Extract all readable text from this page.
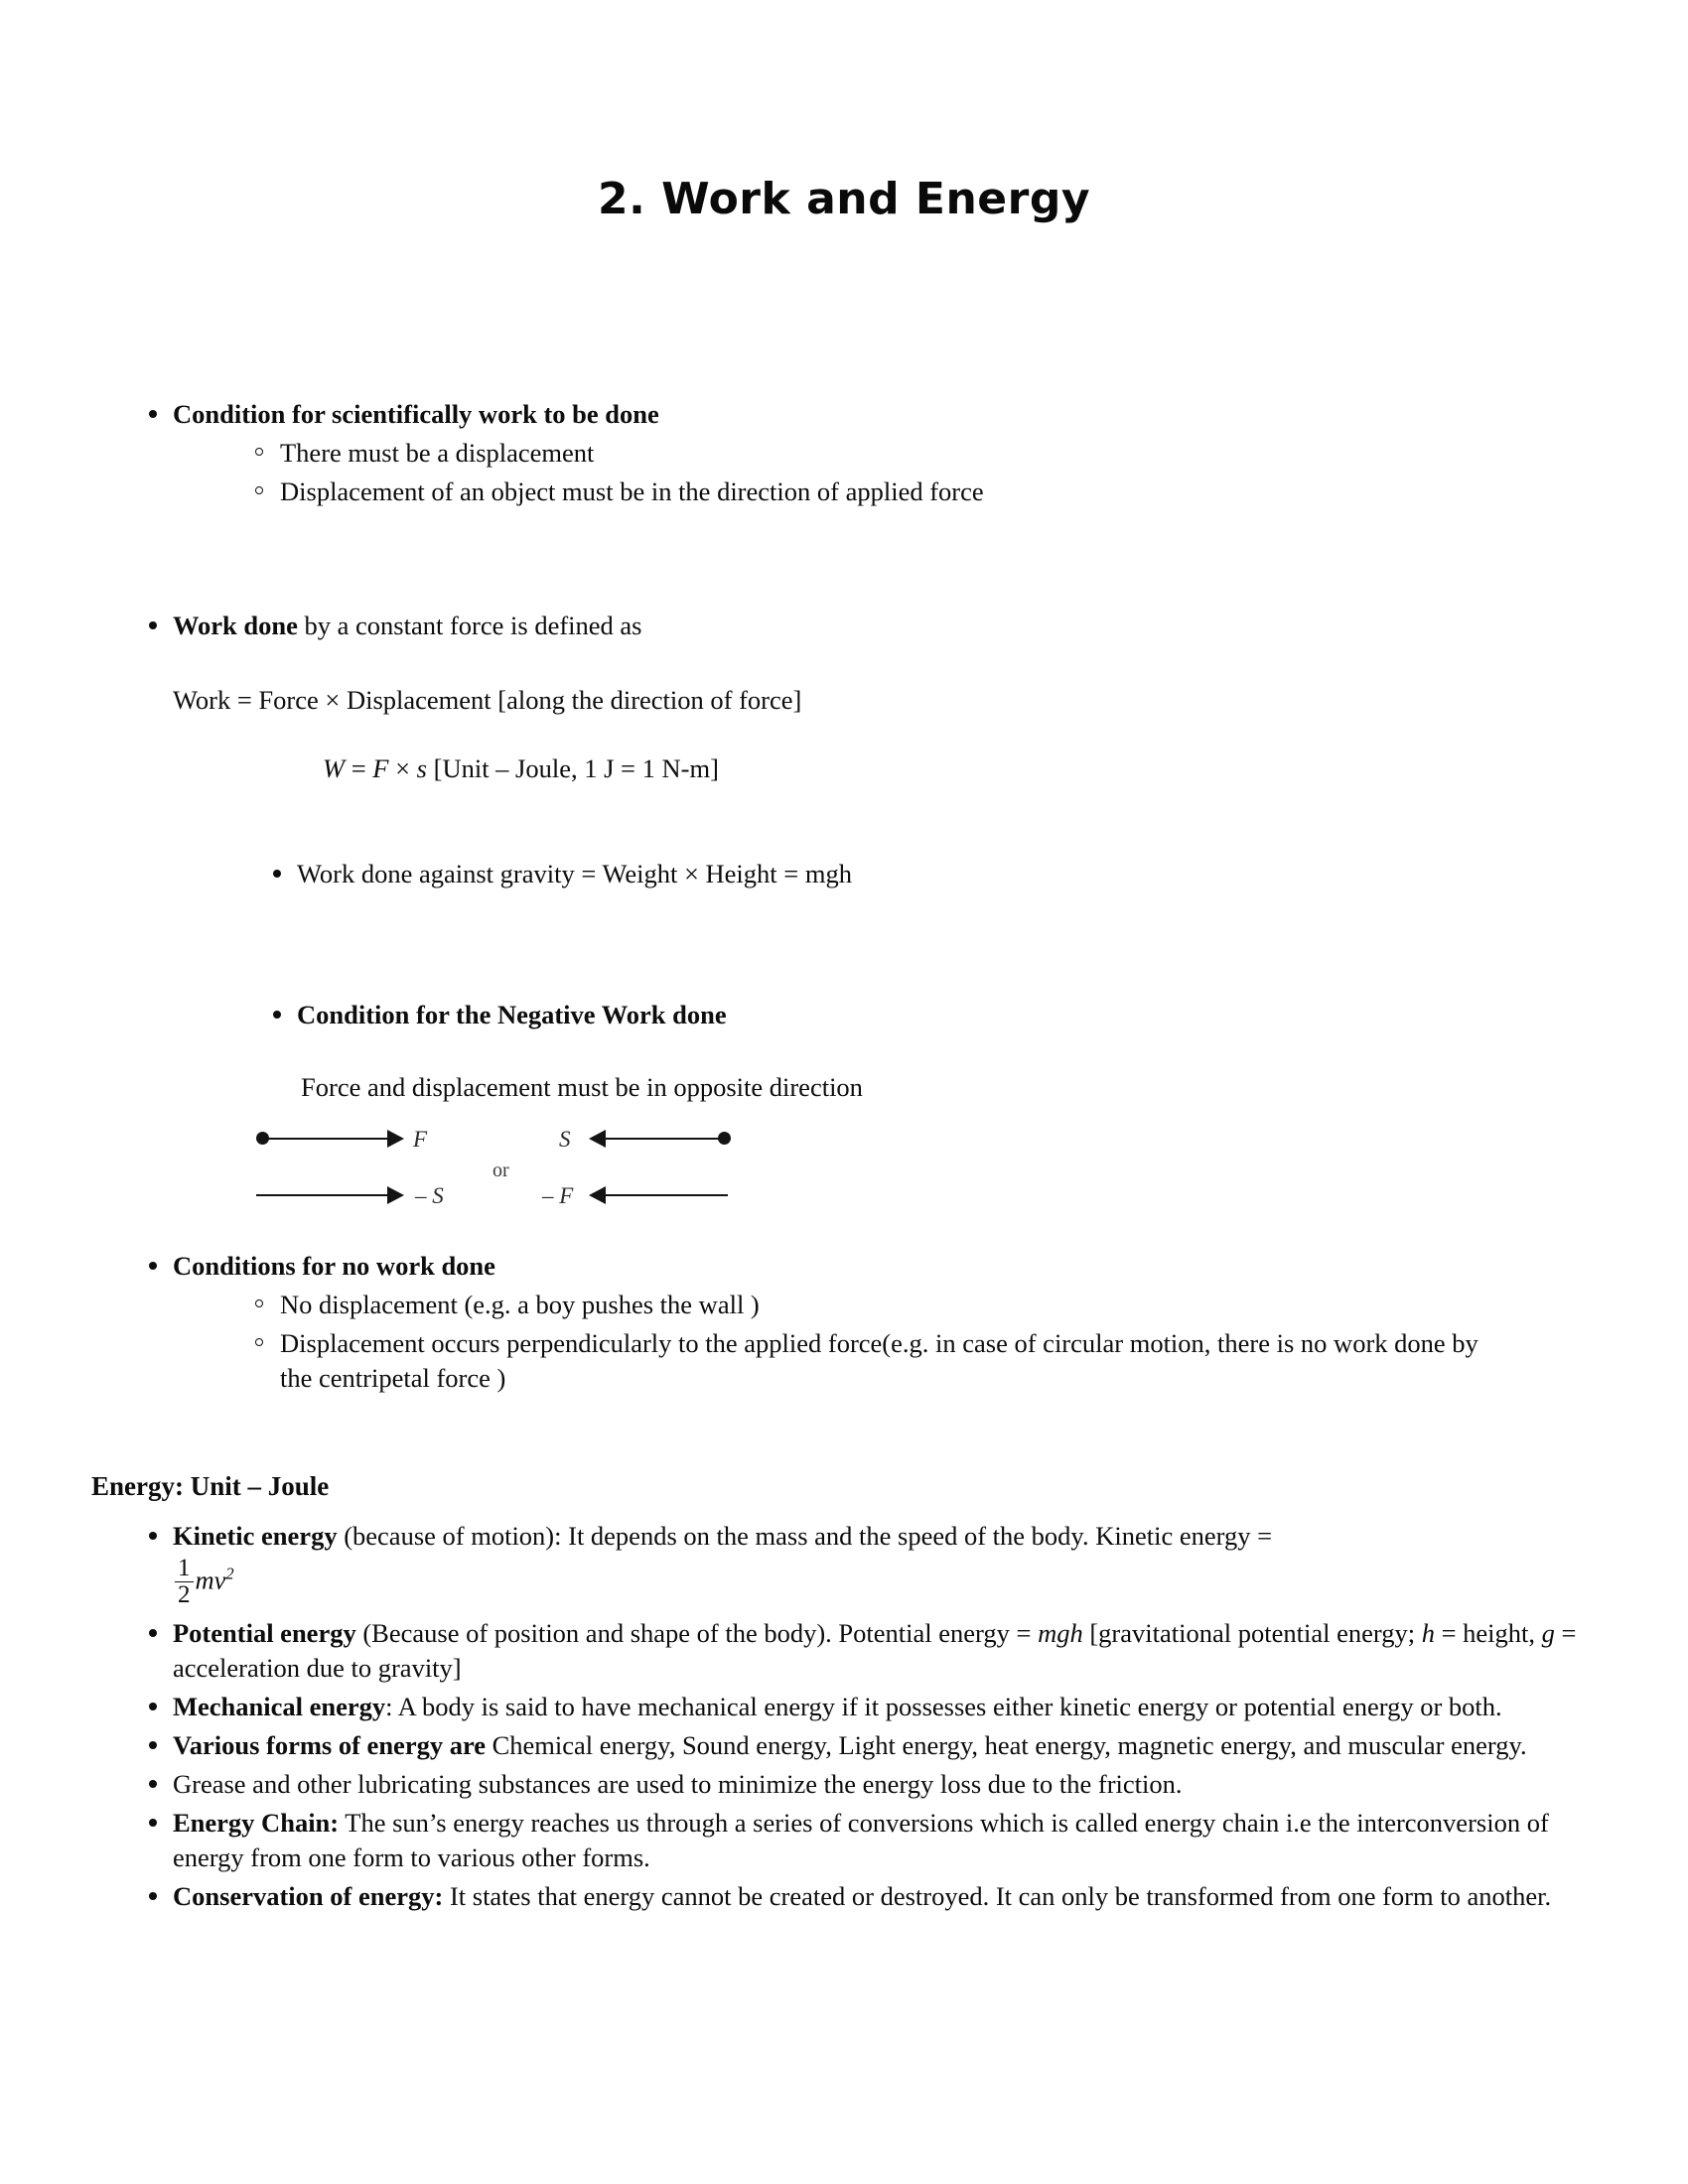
2. Work and Energy
Condition for scientifically work to be done
There must be a displacement
Displacement of an object must be in the direction of applied force
Work done by a constant force is defined as
Work = Force × Displacement [along the direction of force]
W = F × s [Unit – Joule, 1 J = 1 N-m]
Work done against gravity = Weight × Height = mgh
Condition for the Negative Work done
Force and displacement must be in opposite direction
F	S
or
– S	– F
Conditions for no work done
No displacement (e.g. a boy pushes the wall )
Displacement occurs perpendicularly to the applied force(e.g. in case of circular motion, there is no work done by the centripetal force )
Energy: Unit – Joule
Kinetic energy (because of motion): It depends on the mass and the speed of the body. Kinetic energy =
$\frac{1}{2} mv^2$
Potential energy (Because of position and shape of the body). Potential energy = mgh [gravitational potential energy; h = height, g = acceleration due to gravity]
Mechanical energy: A body is said to have mechanical energy if it possesses either kinetic energy or potential energy or both.
Various forms of energy are Chemical energy, Sound energy, Light energy, heat energy, magnetic energy, and muscular energy.
Grease and other lubricating substances are used to minimize the energy loss due to the friction.
Energy Chain: The sun’s energy reaches us through a series of conversions which is called energy chain i.e the interconversion of energy from one form to various other forms.
Conservation of energy: It states that energy cannot be created or destroyed. It can only be transformed from one form to another.
